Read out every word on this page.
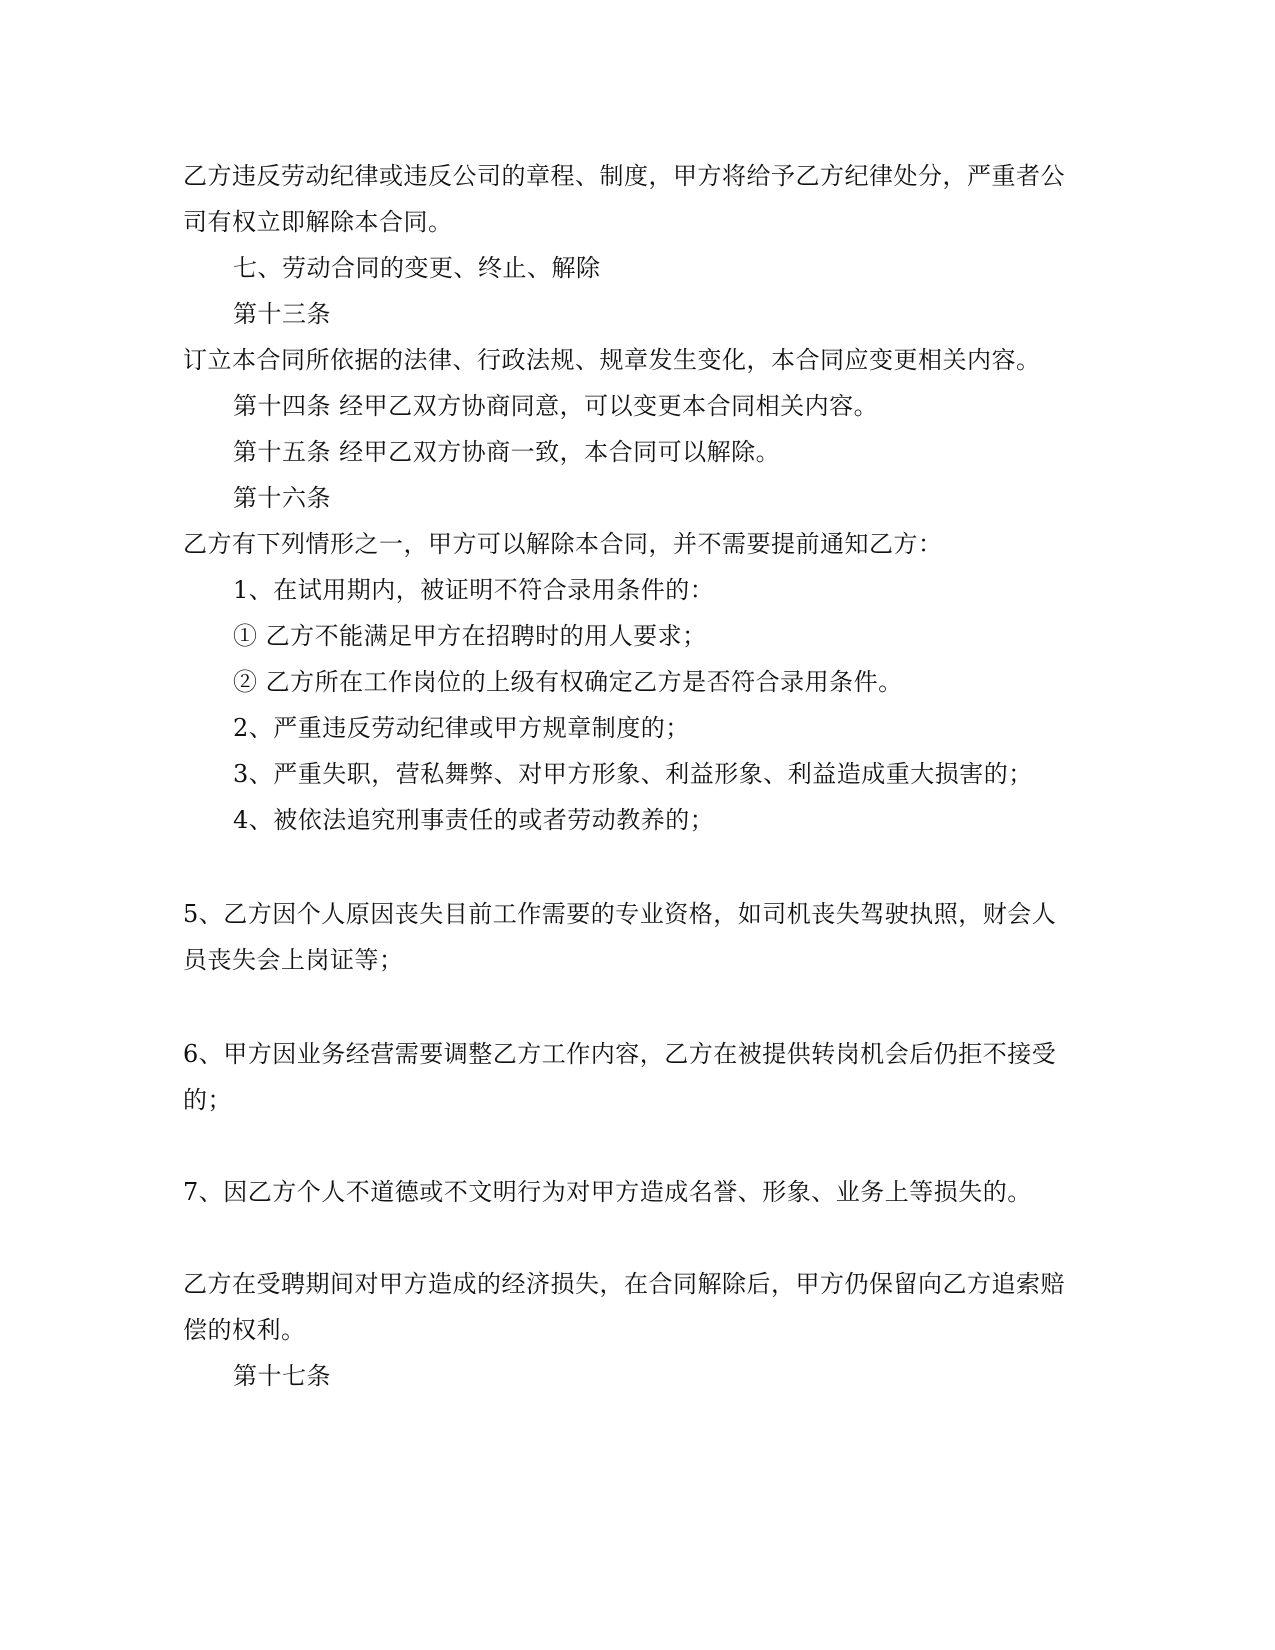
乙方违反劳动纪律或违反公司的章程、制度，甲方将给予乙方纪律处分，严重者公
司有权立即解除本合同。
七、劳动合同的变更、终止、解除
第十三条
订立本合同所依据的法律、行政法规、规章发生变化，本合同应变更相关内容。
第十四条 经甲乙双方协商同意，可以变更本合同相关内容。
第十五条 经甲乙双方协商一致，本合同可以解除。
第十六条
乙方有下列情形之一，甲方可以解除本合同，并不需要提前通知乙方：
1、在试用期内，被证明不符合录用条件的：
① 乙方不能满足甲方在招聘时的用人要求；
② 乙方所在工作岗位的上级有权确定乙方是否符合录用条件。
2、严重违反劳动纪律或甲方规章制度的；
3、严重失职，营私舞弊、对甲方形象、利益形象、利益造成重大损害的；
4、被依法追究刑事责任的或者劳动教养的；
5、乙方因个人原因丧失目前工作需要的专业资格，如司机丧失驾驶执照，财会人
员丧失会上岗证等；
6、甲方因业务经营需要调整乙方工作内容，乙方在被提供转岗机会后仍拒不接受
的；
7、因乙方个人不道德或不文明行为对甲方造成名誉、形象、业务上等损失的。
乙方在受聘期间对甲方造成的经济损失，在合同解除后，甲方仍保留向乙方追索赔
偿的权利。
第十七条
